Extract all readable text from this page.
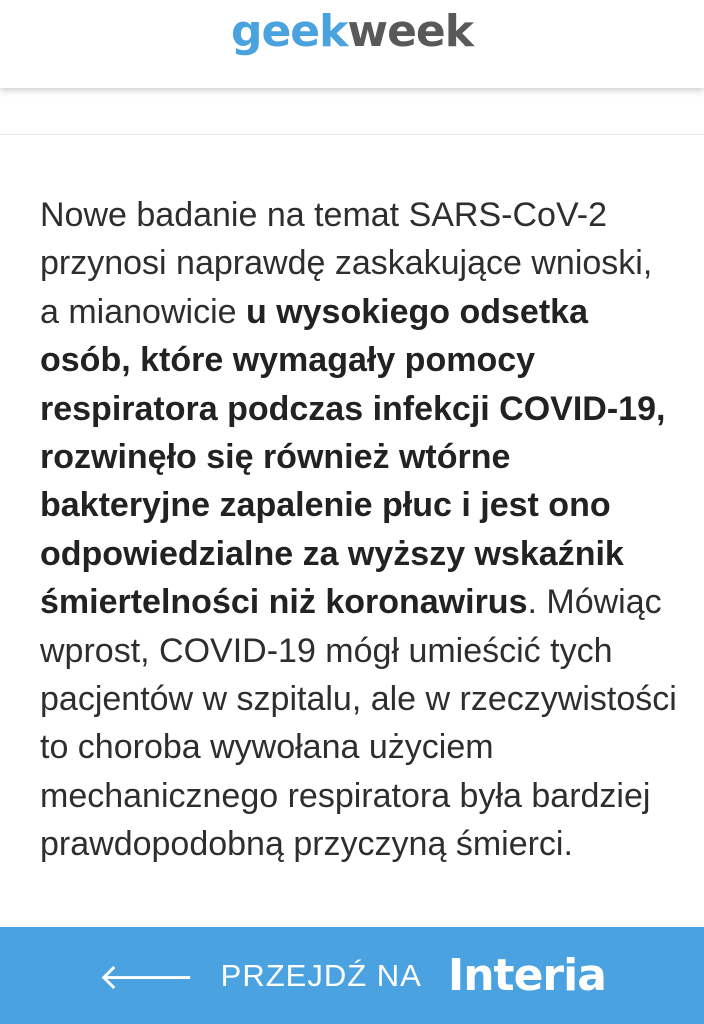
geekweek
Nowe badanie na temat SARS-CoV-2 przynosi naprawdę zaskakujące wnioski, a mianowicie u wysokiego odsetka osób, które wymagały pomocy respiratora podczas infekcji COVID-19, rozwinęło się również wtórne bakteryjne zapalenie płuc i jest ono odpowiedzialne za wyższy wskaźnik śmiertelności niż koronawirus. Mówiąc wprost, COVID-19 mógł umieścić tych pacjentów w szpitalu, ale w rzeczywistości to choroba wywołana użyciem mechanicznego respiratora była bardziej prawdopodobną przyczyną śmierci.
🡐 PRZEJDŹ NA Interia
